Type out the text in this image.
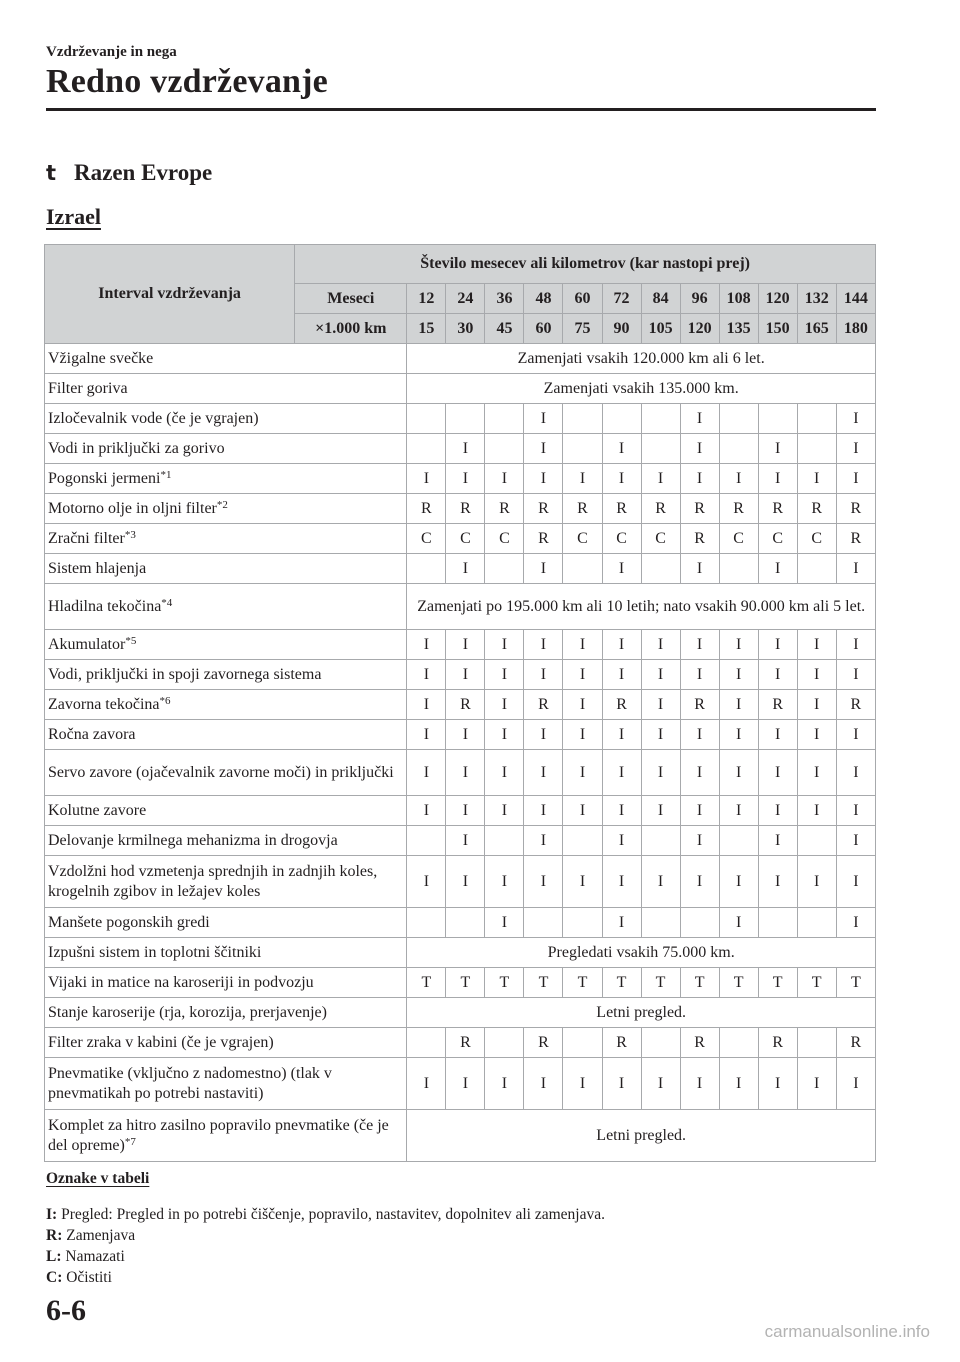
Vzdrževanje in nega
Redno vzdrževanje
t Razen Evrope
Izrael
Interval vzdrževanja	Število mesecev ali kilometrov (kar nastopi prej)												
	Meseci	12	24	36	48	60	72	84	96	108	120	132	144
	×1.000 km	15	30	45	60	75	90	105	120	135	150	165	180
Vžigalne svečke		Zamenjati vsakih 120.000 km ali 6 let.											
Filter goriva		Zamenjati vsakih 135.000 km.											
Izločevalnik vode (če je vgrajen)					I				I				I
Vodi in priključki za gorivo			I		I		I		I		I		I
Pogonski jermeni$^{*1}$		I	I	I	I	I	I	I	I	I	I	I	I
Motorno olje in oljni filter$^{*2}$		R	R	R	R	R	R	R	R	R	R	R	R
Zračni filter$^{*3}$		C	C	C	R	C	C	C	R	C	C	C	R
Sistem hlajenja			I		I		I		I		I		I
Hladilna tekočina$^{*4}$		Zamenjati po 195.000 km ali 10 letih; nato vsakih 90.000 km ali 5 let.											
Akumulator$^{*5}$		I	I	I	I	I	I	I	I	I	I	I	I
Vodi, priključki in spoji zavornega sistema		I	I	I	I	I	I	I	I	I	I	I	I
Zavorna tekočina$^{*6}$		I	R	I	R	I	R	I	R	I	R	I	R
Ročna zavora		I	I	I	I	I	I	I	I	I	I	I	I
Servo zavore (ojačevalnik zavorne moči) in priključki		I	I	I	I	I	I	I	I	I	I	I	I
Kolutne zavore		I	I	I	I	I	I	I	I	I	I	I	I
Delovanje krmilnega mehanizma in drogovja			I		I		I		I		I		I
Vzdolžni hod vzmetenja sprednjih in zadnjih koles, krogelnih zgibov in ležajev koles		I	I	I	I	I	I	I	I	I	I	I	I
Manšete pogonskih gredi				I			I			I			I
Izpušni sistem in toplotni ščitniki		Pregledati vsakih 75.000 km.											
Vijaki in matice na karoseriji in podvozju		T	T	T	T	T	T	T	T	T	T	T	T
Stanje karoserije (rja, korozija, prerjavenje)		Letni pregled.											
Filter zraka v kabini (če je vgrajen)			R		R		R		R		R		R
Pnevmatike (vključno z nadomestno) (tlak v pnevmatikah po potrebi nastaviti)		I	I	I	I	I	I	I	I	I	I	I	I
Komplet za hitro zasilno popravilo pnevmatike (če je del opreme)$^{*7}$		Letni pregled.											
Oznake v tabeli
I: Pregled: Pregled in po potrebi čiščenje, popravilo, nastavitev, dopolnitev ali zamenjava.
R: Zamenjava
L: Namazati
C: Očistiti
6-6
carmanualsonline.info
